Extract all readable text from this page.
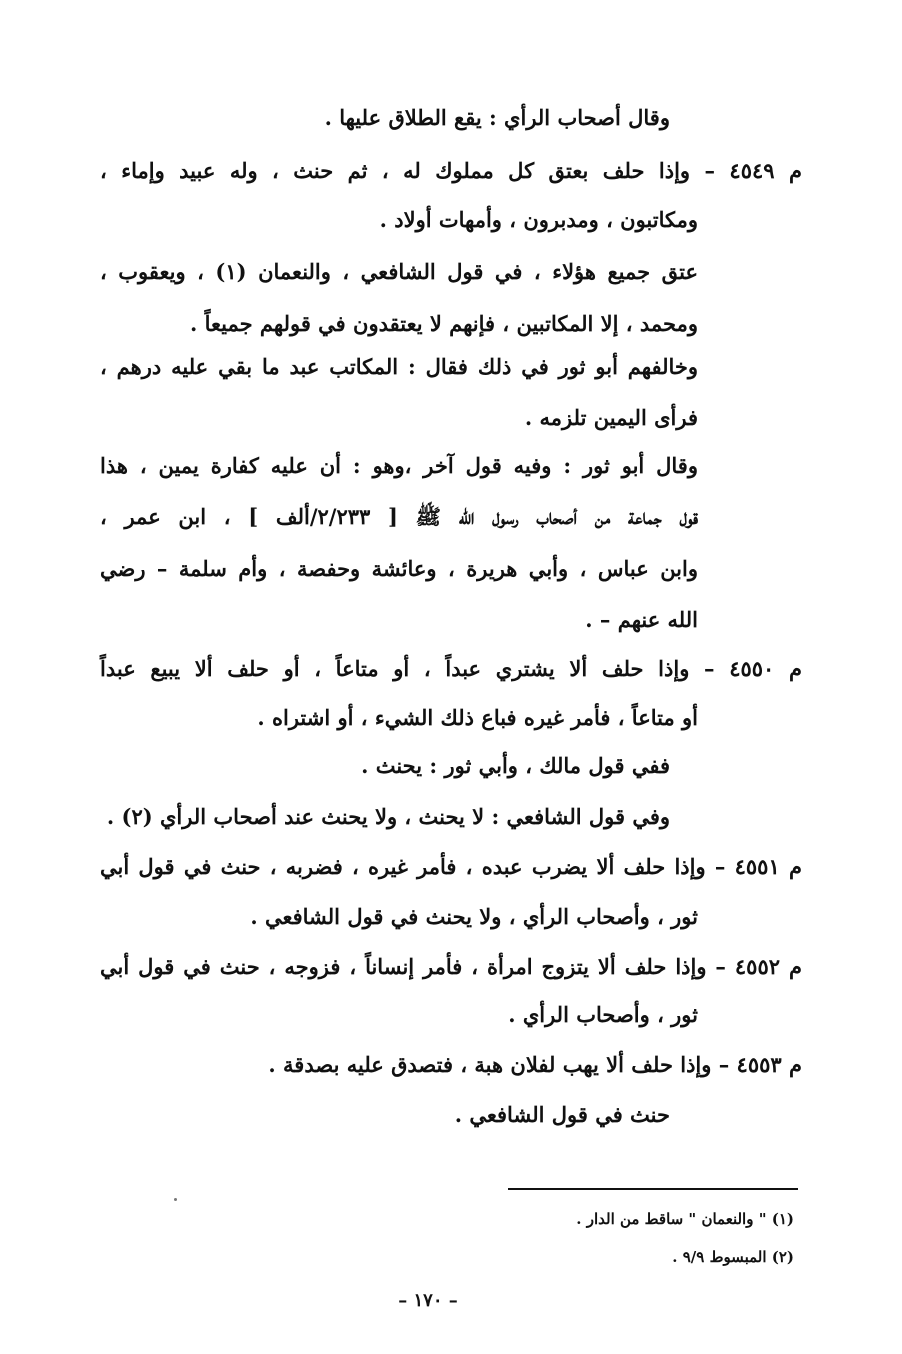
وقال أصحاب الرأي : يقع الطلاق عليها .
م ٤٥٤٩ – وإذا حلف بعتق كل مملوك له ، ثم حنث ، وله عبيد وإماء ،
ومكاتبون ، ومدبرون ، وأمهات أولاد .
عتق جميع هؤلاء ، في قول الشافعي ، والنعمان (١) ، ويعقوب ،
ومحمد ، إلا المكاتبين ، فإنهم لا يعتقدون في قولهم جميعاً .
وخالفهم أبو ثور في ذلك فقال : المكاتب عبد ما بقي عليه درهم ،
فرأى اليمين تلزمه .
وقال أبو ثور : وفيه قول آخر ،وهو : أن عليه كفارة يمين ، هذا
قول جماعة من أصحاب رسول الله ﷺ [ ٢/٢٣٣/ألف ] ، ابن عمر ،
وابن عباس ، وأبي هريرة ، وعائشة وحفصة ، وأم سلمة – رضي
الله عنهم – .
م ٤٥٥٠ – وإذا حلف ألا يشتري عبداً ، أو متاعاً ، أو حلف ألا يبيع عبداً
أو متاعاً ، فأمر غيره فباع ذلك الشيء ، أو اشتراه .
ففي قول مالك ، وأبي ثور : يحنث .
وفي قول الشافعي : لا يحنث ، ولا يحنث عند أصحاب الرأي (٢) .
م ٤٥٥١ – وإذا حلف ألا يضرب عبده ، فأمر غيره ، فضربه ، حنث في قول أبي
ثور ، وأصحاب الرأي ، ولا يحنث في قول الشافعي .
م ٤٥٥٢ – وإذا حلف ألا يتزوج امرأة ، فأمر إنساناً ، فزوجه ، حنث في قول أبي
ثور ، وأصحاب الرأي .
م ٤٥٥٣ – وإذا حلف ألا يهب لفلان هبة ، فتصدق عليه بصدقة .
حنث في قول الشافعي .
(١) " والنعمان " ساقط من الدار .
(٢) المبسوط ٩/٩ .
– ١٧٠ –
